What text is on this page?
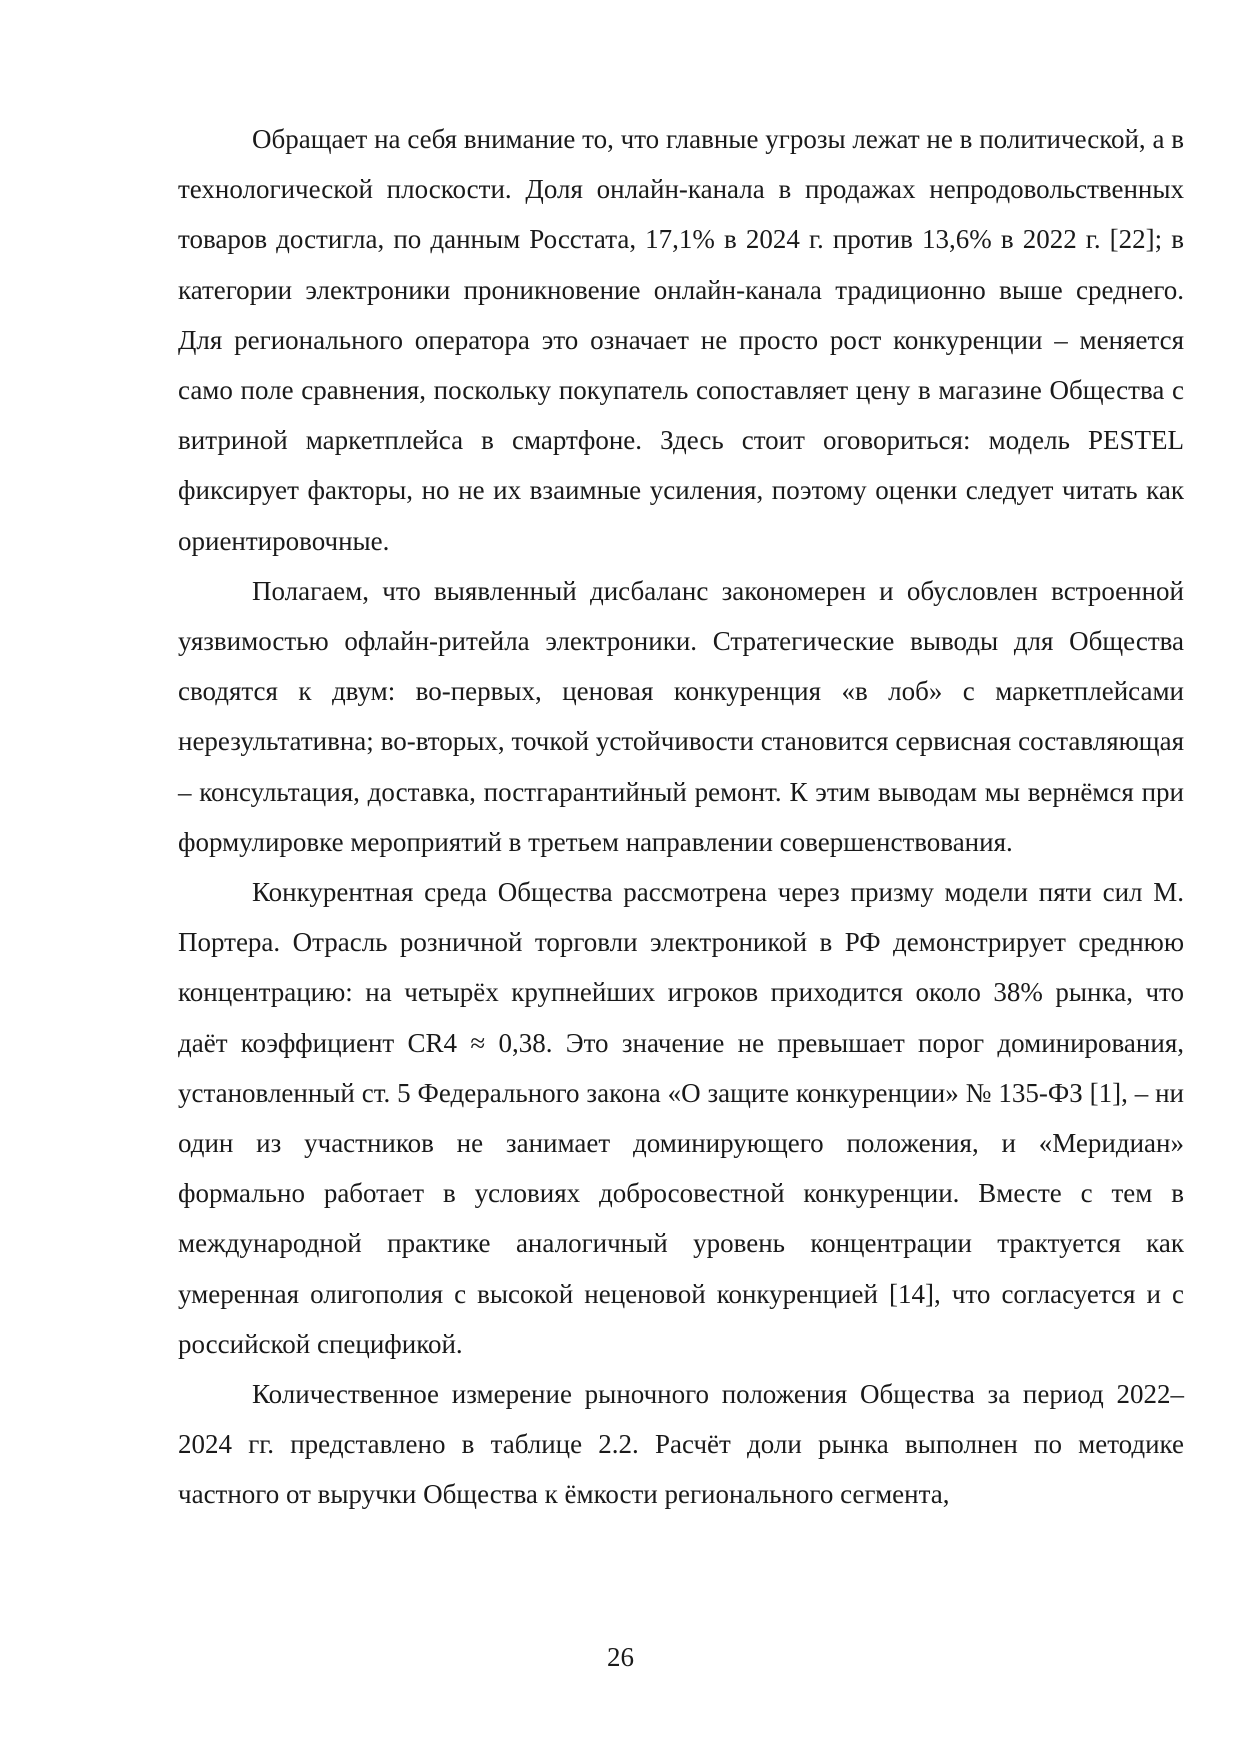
Обращает на себя внимание то, что главные угрозы лежат не в политической, а в технологической плоскости. Доля онлайн-канала в продажах непродовольственных товаров достигла, по данным Росстата, 17,1% в 2024 г. против 13,6% в 2022 г. [22]; в категории электроники проникновение онлайн-канала традиционно выше среднего. Для регионального оператора это означает не просто рост конкуренции – меняется само поле сравнения, поскольку покупатель сопоставляет цену в магазине Общества с витриной маркетплейса в смартфоне. Здесь стоит оговориться: модель PESTEL фиксирует факторы, но не их взаимные усиления, поэтому оценки следует читать как ориентировочные.

Полагаем, что выявленный дисбаланс закономерен и обусловлен встроенной уязвимостью офлайн-ритейла электроники. Стратегические выводы для Общества сводятся к двум: во-первых, ценовая конкуренция «в лоб» с маркетплейсами нерезультативна; во-вторых, точкой устойчивости становится сервисная составляющая – консультация, доставка, постгарантийный ремонт. К этим выводам мы вернёмся при формулировке мероприятий в третьем направлении совершенствования.

Конкурентная среда Общества рассмотрена через призму модели пяти сил М. Портера. Отрасль розничной торговли электроникой в РФ демонстрирует среднюю концентрацию: на четырёх крупнейших игроков приходится около 38% рынка, что даёт коэффициент CR4 ≈ 0,38. Это значение не превышает порог доминирования, установленный ст. 5 Федерального закона «О защите конкуренции» № 135-ФЗ [1], – ни один из участников не занимает доминирующего положения, и «Меридиан» формально работает в условиях добросовестной конкуренции. Вместе с тем в международной практике аналогичный уровень концентрации трактуется как умеренная олигополия с высокой неценовой конкуренцией [14], что согласуется и с российской спецификой.

Количественное измерение рыночного положения Общества за период 2022–2024 гг. представлено в таблице 2.2. Расчёт доли рынка выполнен по методике частного от выручки Общества к ёмкости регионального сегмента,

26
